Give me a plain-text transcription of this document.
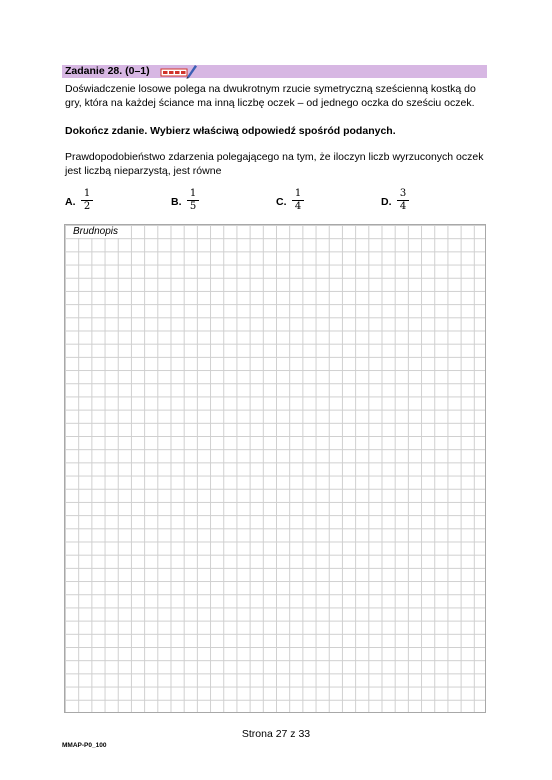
Zadanie 28. (0–1)
Doświadczenie losowe polega na dwukrotnym rzucie symetryczną sześcienną kostką do gry, która na każdej ściance ma inną liczbę oczek – od jednego oczka do sześciu oczek.
Dokończ zdanie. Wybierz właściwą odpowiedź spośród podanych.
Prawdopodobieństwo zdarzenia polegającego na tym, że iloczyn liczb wyrzuconych oczek jest liczbą nieparzystą, jest równe
A. $\frac{1}{2}$	B. $\frac{1}{5}$	C. $\frac{1}{4}$	D. $\frac{3}{4}$
Brudnopis
Strona 27 z 33
MMAP-P0_100
